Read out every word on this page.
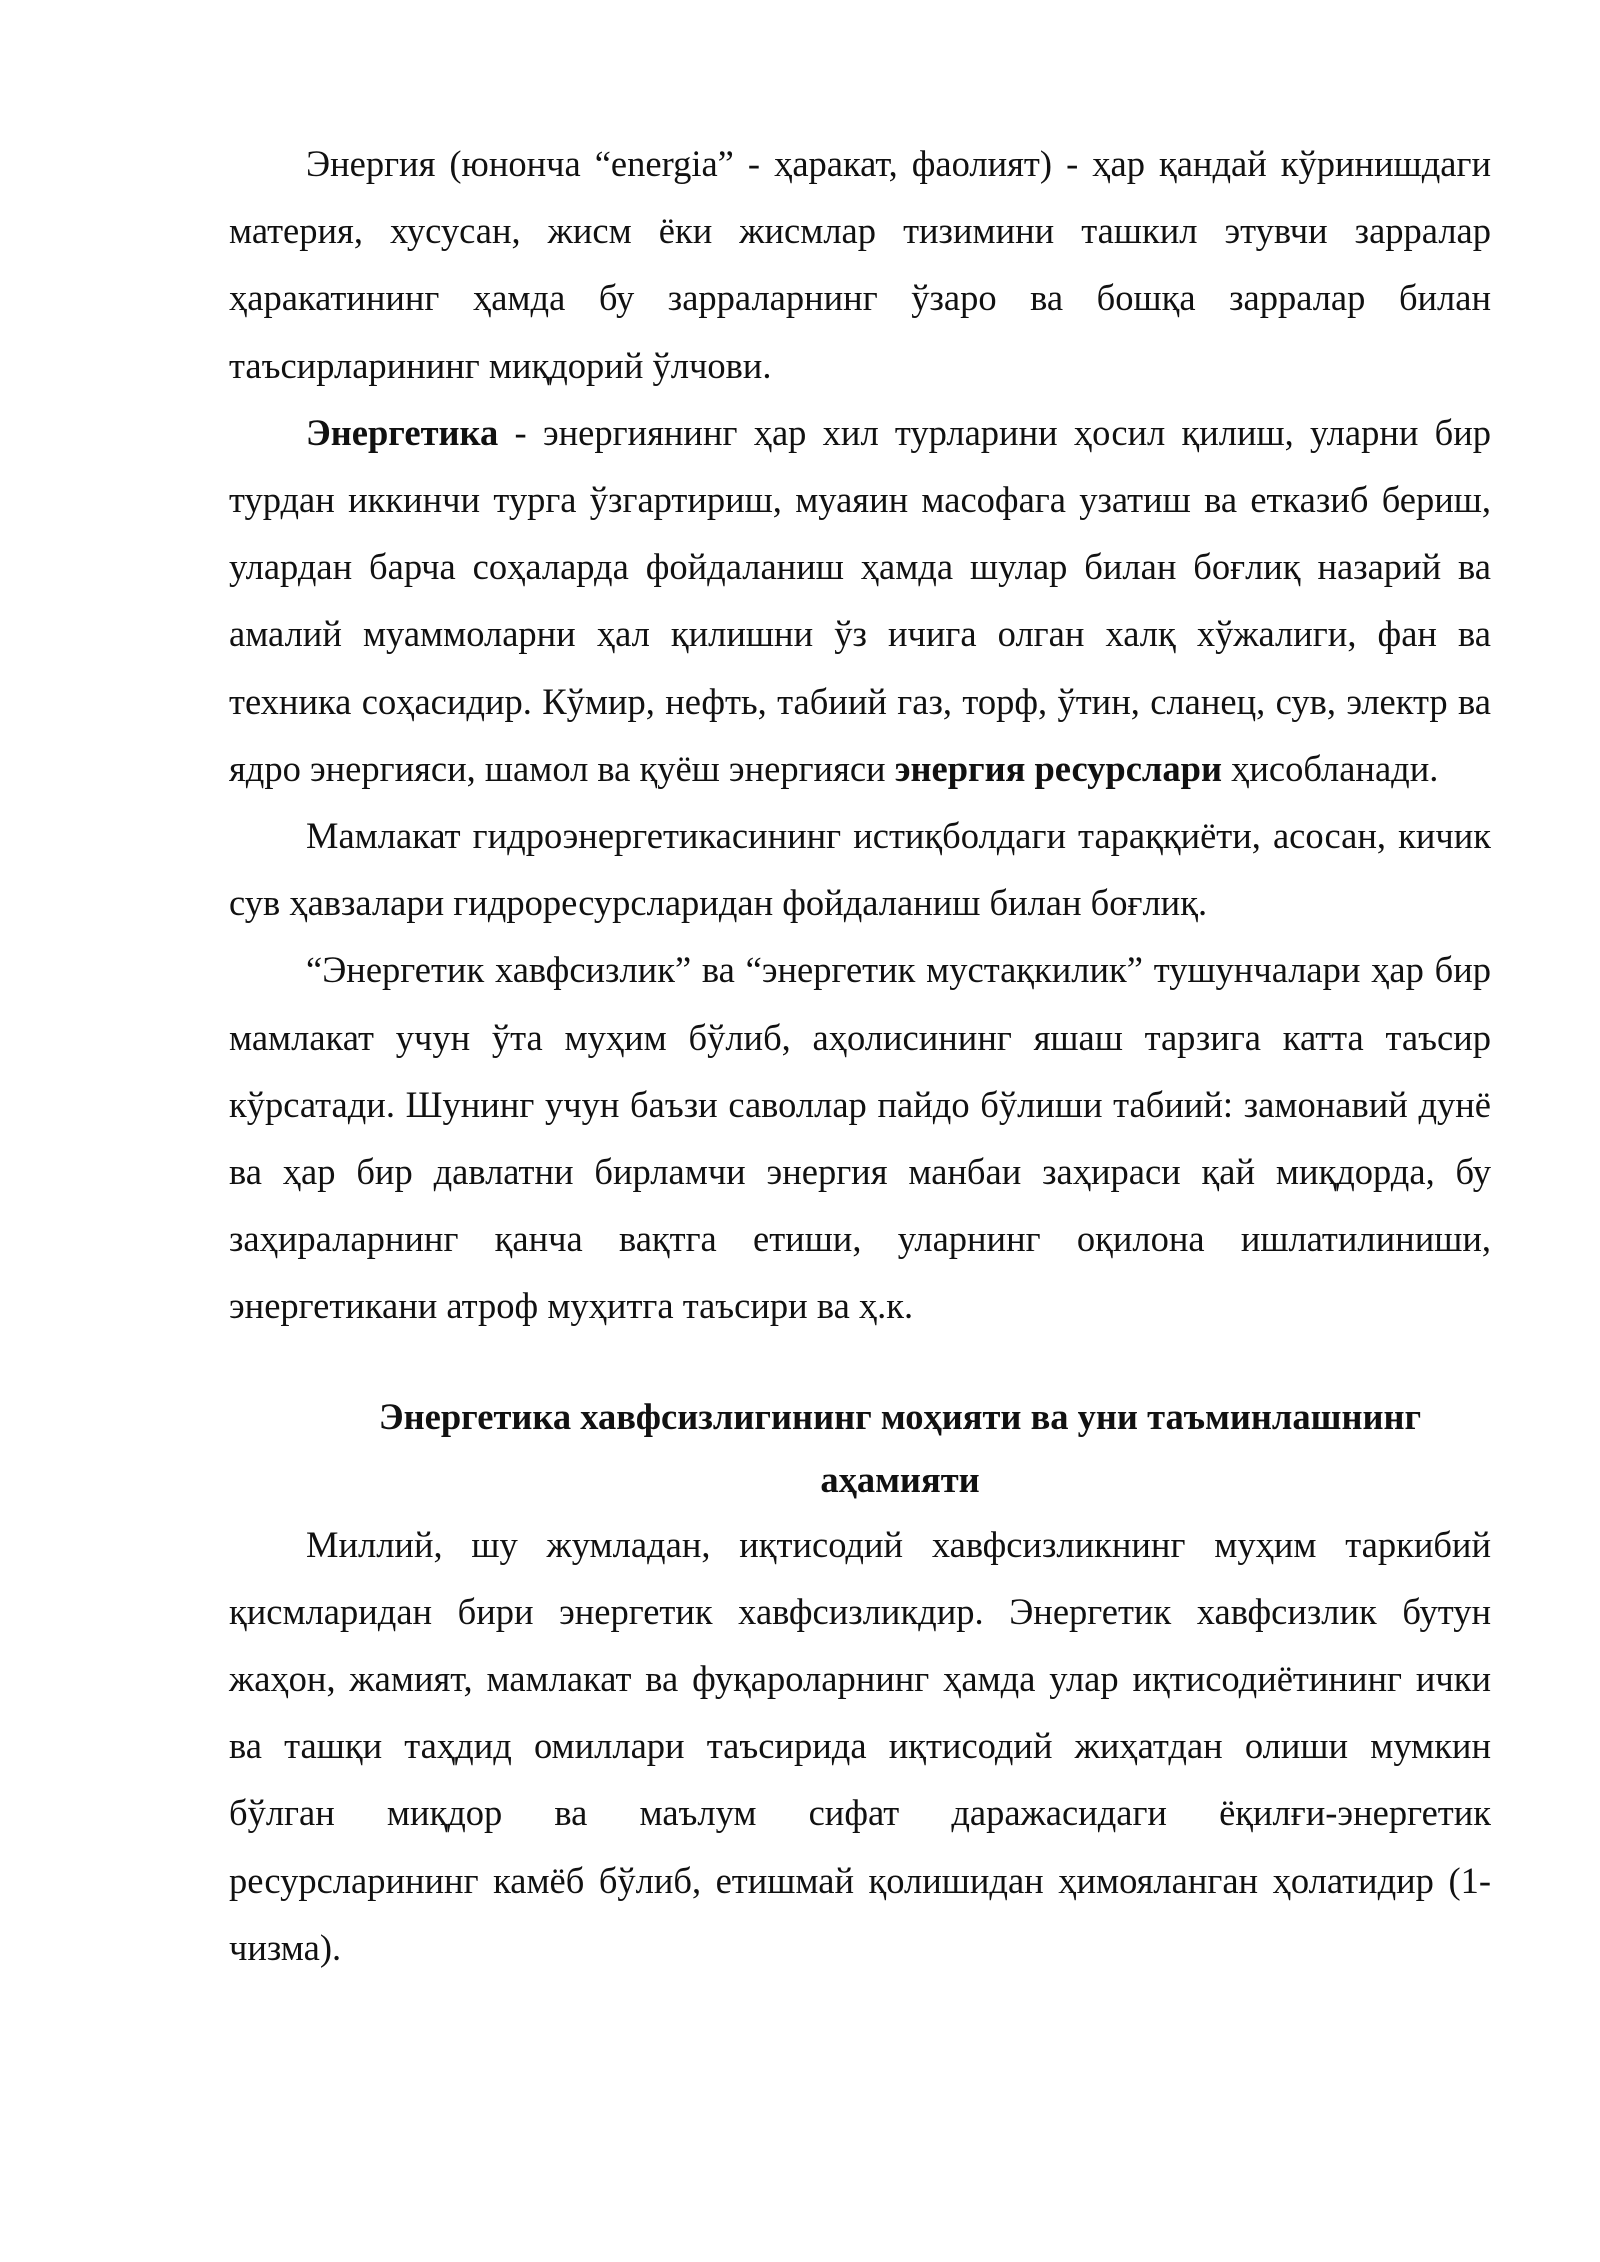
Энергия (юнонча “energia” - ҳаракат, фаолият) - ҳар қандай кўринишдаги материя, хусусан, жисм ёки жисмлар тизимини ташкил этувчи зарралар ҳаракатининг ҳамда бу зарраларнинг ўзаро ва бошқа зарралар билан таъсирларининг миқдорий ўлчови.

Энергетика - энергиянинг ҳар хил турларини ҳосил қилиш, уларни бир турдан иккинчи турга ўзгартириш, муаяин масофага узатиш ва етказиб бериш, улардан барча соҳаларда фойдаланиш ҳамда шулар билан боғлиқ назарий ва амалий муаммоларни ҳал қилишни ўз ичига олган халқ хўжалиги, фан ва техника соҳасидир. Кўмир, нефть, табиий газ, торф, ўтин, сланец, сув, электр ва ядро энергияси, шамол ва қуёш энергияси энергия ресурслари ҳисобланади.

Мамлакат гидроэнергетикасининг истиқболдаги тараққиёти, асосан, кичик сув ҳавзалари гидроресурсларидан фойдаланиш билан боғлиқ.

“Энергетик хавфсизлик” ва “энергетик мустақкилик” тушунчалари ҳар бир мамлакат учун ўта муҳим бўлиб, аҳолисининг яшаш тарзига катта таъсир кўрсатади. Шунинг учун баъзи саволлар пайдо бўлиши табиий: замонавий дунё ва ҳар бир давлатни бирламчи энергия манбаи заҳираси қай миқдорда, бу заҳираларнинг қанча вақтга етиши, уларнинг оқилона ишлатилиниши, энергетикани атроф муҳитга таъсири ва ҳ.к.

Энергетика хавфсизлигининг моҳияти ва уни таъминлашнинг
аҳамияти

Миллий, шу жумладан, иқтисодий хавфсизликнинг муҳим таркибий қисмларидан бири энергетик хавфсизликдир. Энергетик хавфсизлик бутун жаҳон, жамият, мамлакат ва фуқароларнинг ҳамда улар иқтисодиётининг ички ва ташқи таҳдид омиллари таъсирида иқтисодий жиҳатдан олиши мумкин бўлган миқдор ва маълум сифат даражасидаги ёқилғи-энергетик ресурсларининг камёб бўлиб, етишмай қолишидан ҳимояланган ҳолатидир (1-чизма).
